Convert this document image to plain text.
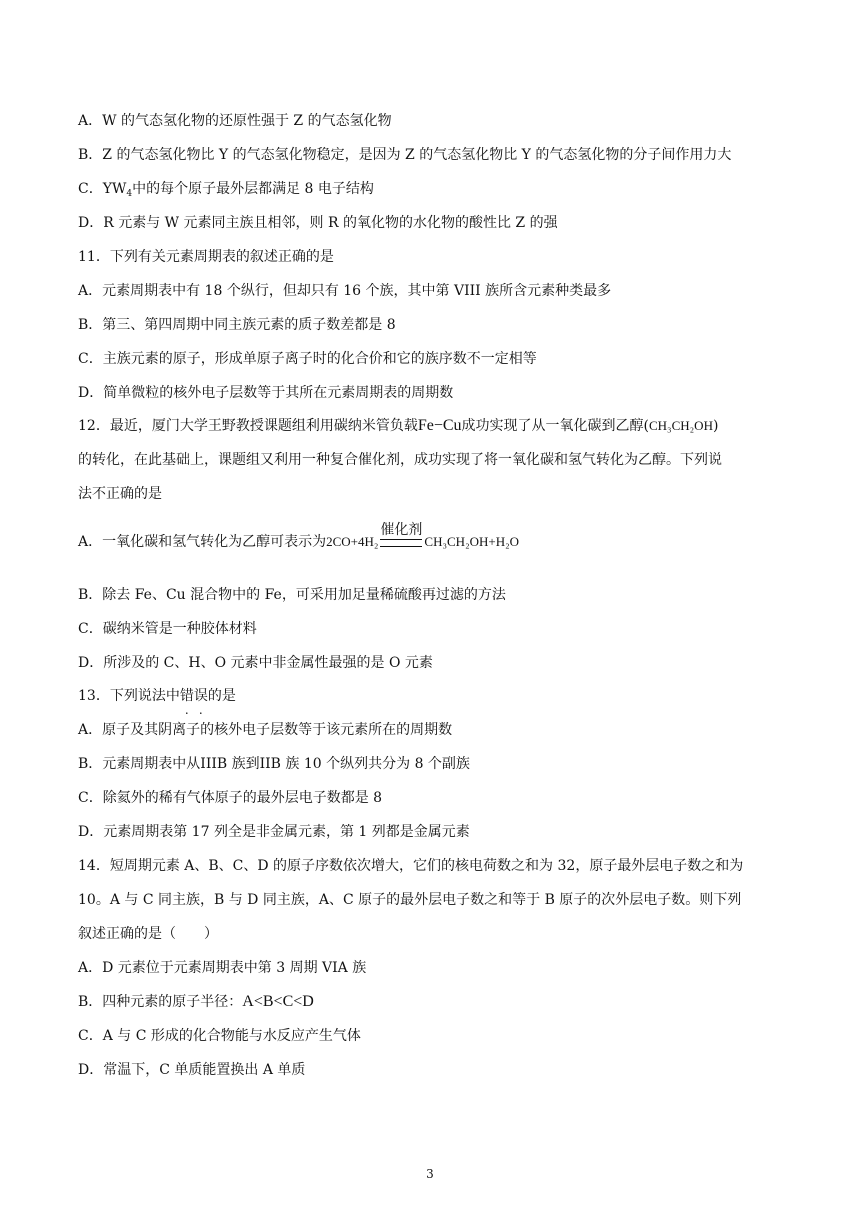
A．W 的气态氢化物的还原性强于 Z 的气态氢化物
B．Z 的气态氢化物比 Y 的气态氢化物稳定，是因为 Z 的气态氢化物比 Y 的气态氢化物的分子间作用力大
C．$YW_4$中的每个原子最外层都满足 8 电子结构
D．R 元素与 W 元素同主族且相邻，则 R 的氧化物的水化物的酸性比 Z 的强
11．下列有关元素周期表的叙述正确的是
A．元素周期表中有 18 个纵行，但却只有 16 个族，其中第 VIII 族所含元素种类最多
B．第三、第四周期中同主族元素的质子数差都是 8
C．主族元素的原子，形成单原子离子时的化合价和它的族序数不一定相等
D．简单微粒的核外电子层数等于其所在元素周期表的周期数
12．最近，厦门大学王野教授课题组利用碳纳米管负载Fe−Cu成功实现了从一氧化碳到乙醇(CH₃CH₂OH)
的转化，在此基础上，课题组又利用一种复合催化剂，成功实现了将一氧化碳和氢气转化为乙醇。下列说
法不正确的是
A．一氧化碳和氢气转化为乙醇可表示为2CO+4H₂
催化剂
CH₃CH₂OH+H₂O
B．除去 Fe、Cu 混合物中的 Fe，可采用加足量稀硫酸再过滤的方法
C．碳纳米管是一种胶体材料
D．所涉及的 C、H、O 元素中非金属性最强的是 O 元素
13．下列说法中错误的是
A．原子及其阴离子的核外电子层数等于该元素所在的周期数
B．元素周期表中从IIIB 族到IIB 族 10 个纵列共分为 8 个副族
C．除氦外的稀有气体原子的最外层电子数都是 8
D．元素周期表第 17 列全是非金属元素，第 1 列都是金属元素
14．短周期元素 A、B、C、D 的原子序数依次增大，它们的核电荷数之和为 32，原子最外层电子数之和为
10。A 与 C 同主族，B 与 D 同主族，A、C 原子的最外层电子数之和等于 B 原子的次外层电子数。则下列
叙述正确的是（　　）
A．D 元素位于元素周期表中第 3 周期 VIA 族
B．四种元素的原子半径：A<B<C<D
C．A 与 C 形成的化合物能与水反应产生气体
D．常温下，C 单质能置换出 A 单质
3
